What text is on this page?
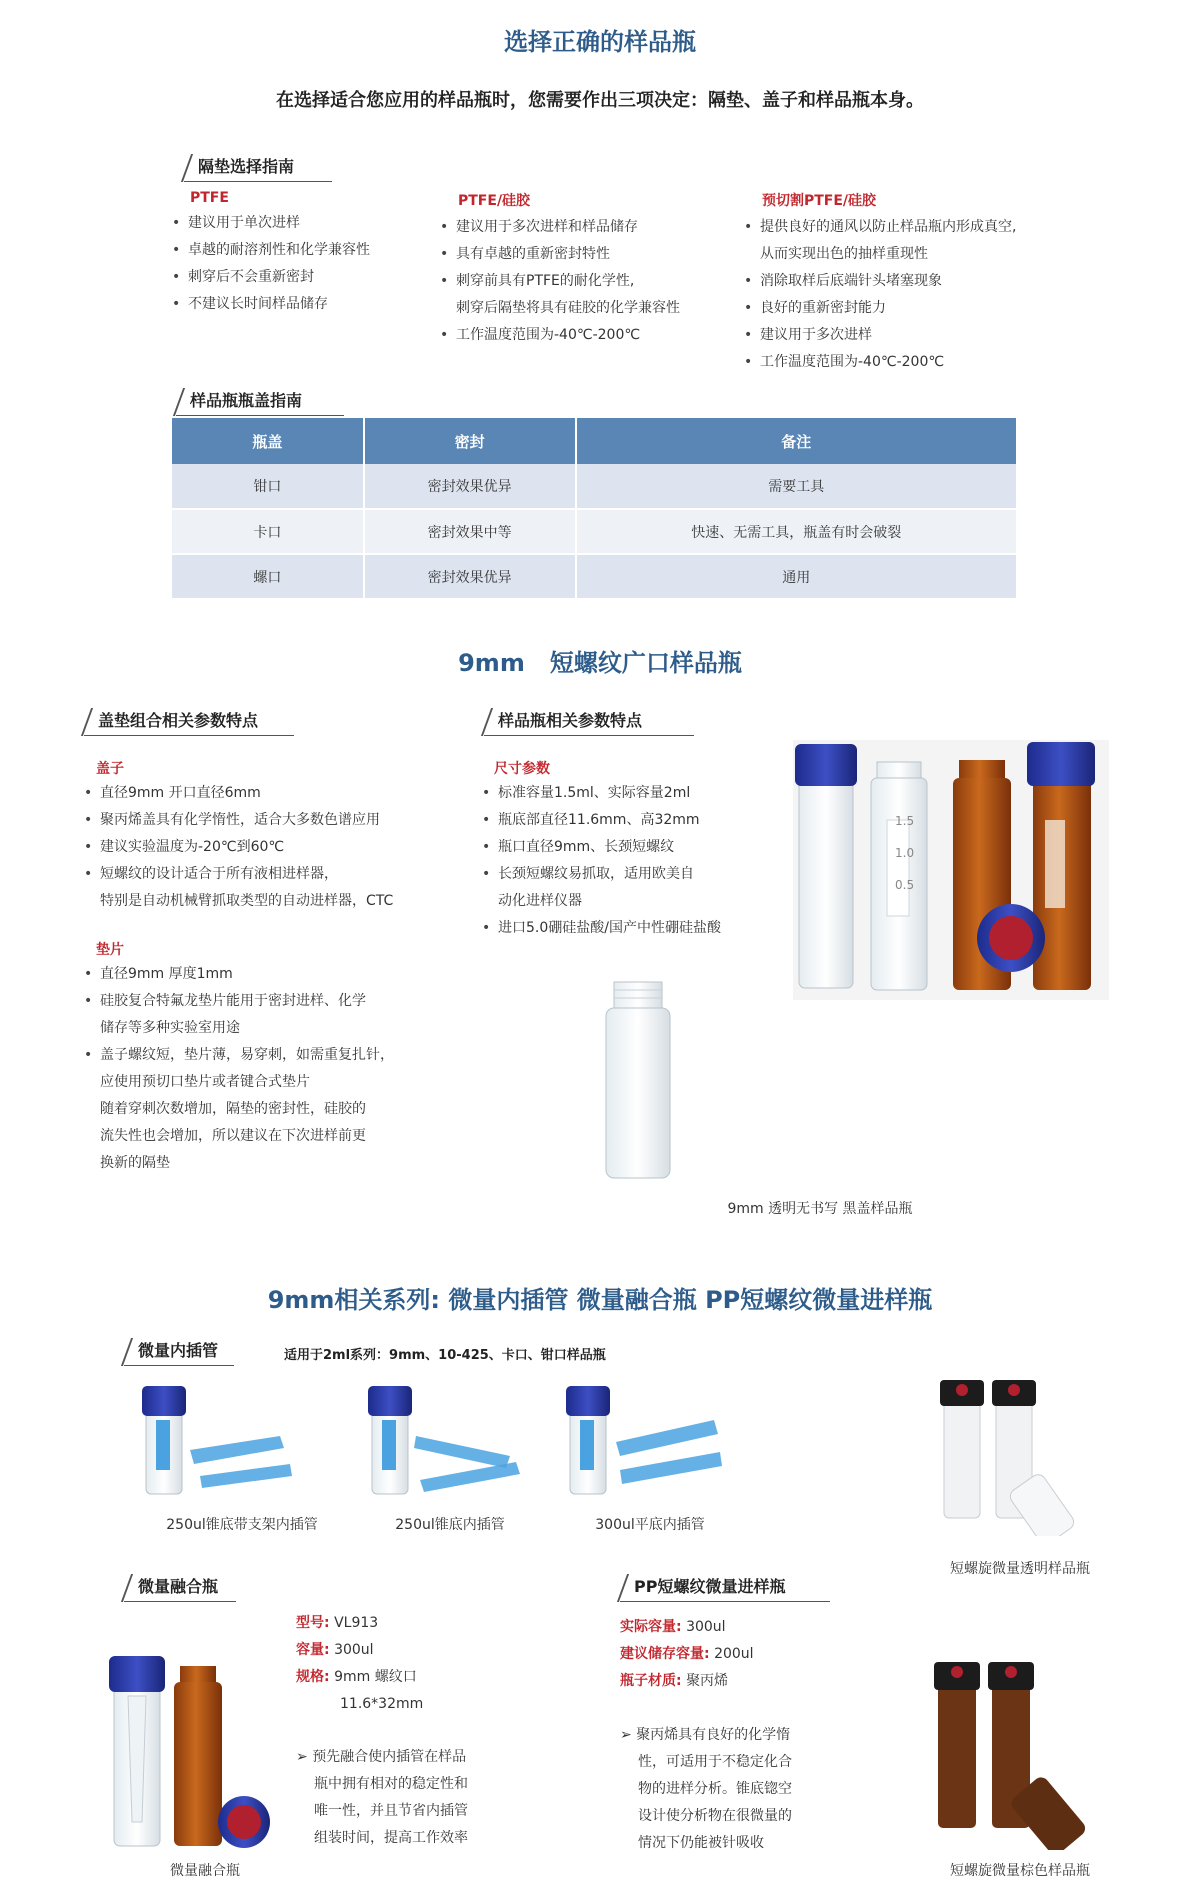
选择正确的样品瓶
在选择适合您应用的样品瓶时，您需要作出三项决定：隔垫、盖子和样品瓶本身。
隔垫选择指南
PTFE
• 建议用于单次进样
• 卓越的耐溶剂性和化学兼容性
• 刺穿后不会重新密封
• 不建议长时间样品储存
PTFE/硅胶
• 建议用于多次进样和样品储存
• 具有卓越的重新密封特性
• 刺穿前具有PTFE的耐化学性,
刺穿后隔垫将具有硅胶的化学兼容性
• 工作温度范围为-40℃-200℃
预切割PTFE/硅胶
• 提供良好的通风以防止样品瓶内形成真空,
从而实现出色的抽样重现性
• 消除取样后底端针头堵塞现象
• 良好的重新密封能力
• 建议用于多次进样
• 工作温度范围为-40℃-200℃
样品瓶瓶盖指南
瓶盖	密封	备注
钳口	密封效果优异	需要工具
卡口	密封效果中等	快速、无需工具，瓶盖有时会破裂
螺口	密封效果优异	通用
9mm   短螺纹广口样品瓶
盖垫组合相关参数特点
盖子
• 直径9mm 开口直径6mm
• 聚丙烯盖具有化学惰性，适合大多数色谱应用
• 建议实验温度为-20℃到60℃
• 短螺纹的设计适合于所有液相进样器，
特别是自动机械臂抓取类型的自动进样器，CTC
垫片
• 直径9mm 厚度1mm
• 硅胶复合特氟龙垫片能用于密封进样、化学
储存等多种实验室用途
• 盖子螺纹短，垫片薄，易穿刺，如需重复扎针，
应使用预切口垫片或者键合式垫片
随着穿刺次数增加，隔垫的密封性，硅胶的
流失性也会增加，所以建议在下次进样前更
换新的隔垫
样品瓶相关参数特点
尺寸参数
• 标准容量1.5ml、实际容量2ml
• 瓶底部直径11.6mm、高32mm
• 瓶口直径9mm、长颈短螺纹
• 长颈短螺纹易抓取，适用欧美自
动化进样仪器
• 进口5.0硼硅盐酸/国产中性硼硅盐酸
1.5
1.0
0.5
9mm 透明无书写 黑盖样品瓶
9mm相关系列: 微量内插管 微量融合瓶 PP短螺纹微量进样瓶
微量内插管	适用于2ml系列：9mm、10-425、卡口、钳口样品瓶
250ul锥底带支架内插管	250ul锥底内插管	300ul平底内插管
短螺旋微量透明样品瓶
微量融合瓶
型号: VL913
容量: 300ul
规格: 9mm 螺纹口
11.6*32mm
➢ 预先融合使内插管在样品
瓶中拥有相对的稳定性和
唯一性，并且节省内插管
组装时间，提高工作效率
微量融合瓶
PP短螺纹微量进样瓶
实际容量: 300ul
建议储存容量: 200ul
瓶子材质: 聚丙烯
➢ 聚丙烯具有良好的化学惰
性，可适用于不稳定化合
物的进样分析。锥底锪空
设计使分析物在很微量的
情况下仍能被针吸收
短螺旋微量棕色样品瓶
